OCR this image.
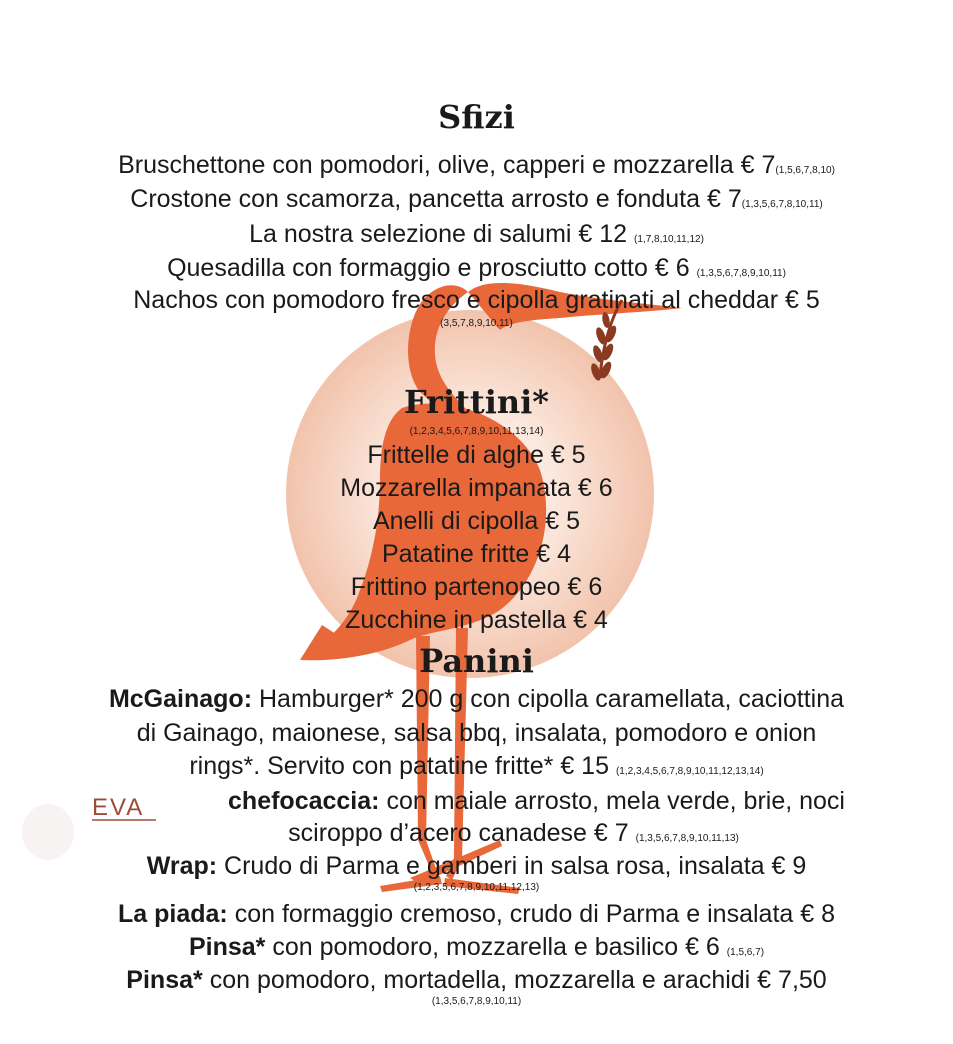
Sfizi
Bruschettone con pomodori, olive, capperi e mozzarella € 7(1,5,6,7,8,10)
Crostone con scamorza, pancetta arrosto e fonduta € 7(1,3,5,6,7,8,10,11)
La nostra selezione di salumi € 12 (1,7,8,10,11,12)
Quesadilla con formaggio e prosciutto cotto € 6 (1,3,5,6,7,8,9,10,11)
Nachos con pomodoro fresco e cipolla gratinati al cheddar € 5
(3,5,7,8,9,10,11)
Frittini*
(1,2,3,4,5,6,7,8,9,10,11,13,14)
Frittelle di alghe € 5
Mozzarella impanata € 6
Anelli di cipolla € 5
Patatine fritte € 4
Frittino partenopeo € 6
Zucchine in pastella € 4
Panini
McGainago: Hamburger* 200 g con cipolla caramellata, caciottina
di Gainago, maionese, salsa bbq, insalata, pomodoro e onion
rings*. Servito con patatine fritte* € 15 (1,2,3,4,5,6,7,8,9,10,11,12,13,14)
EVA	chefocaccia: con maiale arrosto, mela verde, brie, noci
sciroppo d’acero canadese € 7 (1,3,5,6,7,8,9,10,11,13)
Wrap: Crudo di Parma e gamberi in salsa rosa, insalata € 9
(1,2,3,5,6,7,8,9,10,11,12,13)
La piada: con formaggio cremoso, crudo di Parma e insalata € 8
Pinsa* con pomodoro, mozzarella e basilico € 6 (1,5,6,7)
Pinsa* con pomodoro, mortadella, mozzarella e arachidi € 7,50
(1,3,5,6,7,8,9,10,11)
